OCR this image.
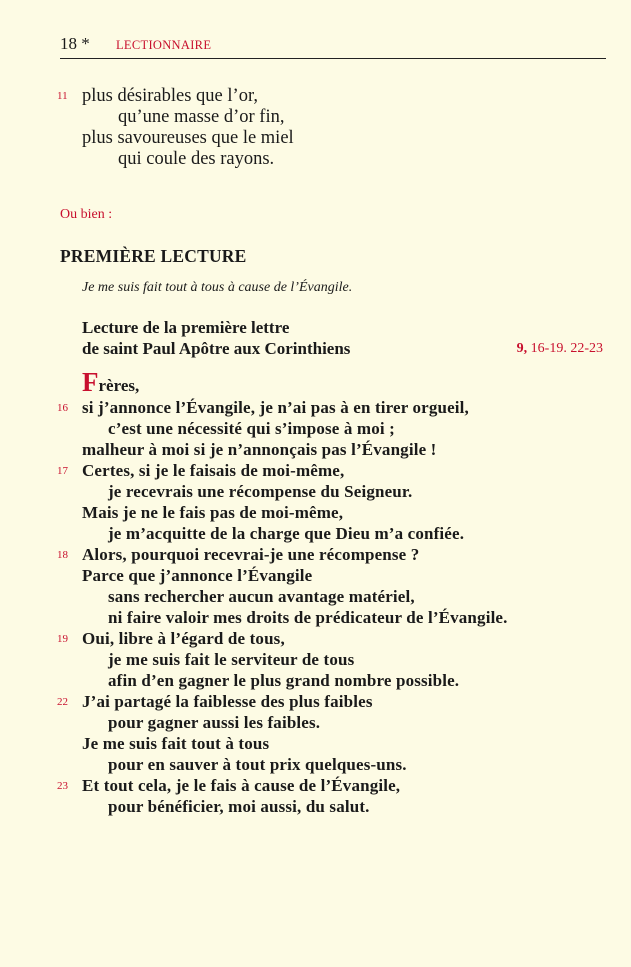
18 * LECTIONNAIRE
11 plus désirables que l’or,
qu’une masse d’or fin,
plus savoureuses que le miel
qui coule des rayons.
Ou bien :
PREMIÈRE LECTURE
Je me suis fait tout à tous à cause de l’Évangile.
Lecture de la première lettre
de saint Paul Apôtre aux Corinthiens	9, 16-19. 22-23
Frères,
16 si j’annonce l’Évangile, je n’ai pas à en tirer orgueil,
c’est une nécessité qui s’impose à moi ;
malheur à moi si je n’annonçais pas l’Évangile !
17 Certes, si je le faisais de moi-même,
je recevrais une récompense du Seigneur.
Mais je ne le fais pas de moi-même,
je m’acquitte de la charge que Dieu m’a confiée.
18 Alors, pourquoi recevrai-je une récompense ?
Parce que j’annonce l’Évangile
sans rechercher aucun avantage matériel,
ni faire valoir mes droits de prédicateur de l’Évangile.
19 Oui, libre à l’égard de tous,
je me suis fait le serviteur de tous
afin d’en gagner le plus grand nombre possible.
22 J’ai partagé la faiblesse des plus faibles
pour gagner aussi les faibles.
Je me suis fait tout à tous
pour en sauver à tout prix quelques-uns.
23 Et tout cela, je le fais à cause de l’Évangile,
pour bénéficier, moi aussi, du salut.
